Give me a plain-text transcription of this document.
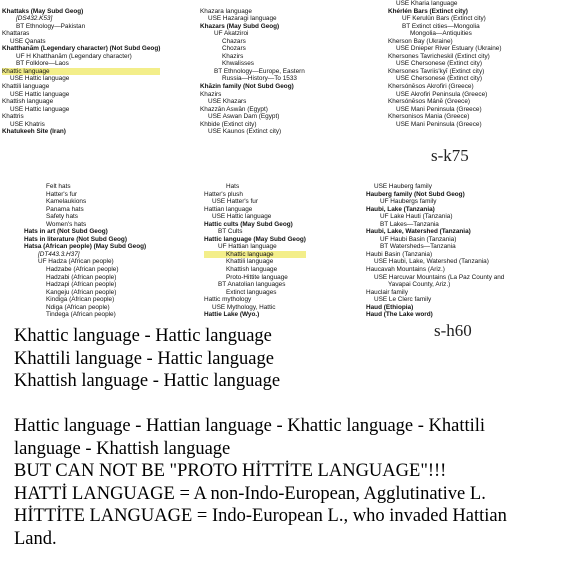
Khattaks (May Subd Geog)
[DS432.K53]
BT Ethnology—Pakistan
Khattaras
USE Qanats
Khatthanām (Legendary character) (Not Subd Geog)
UF H Khatthanām (Legendary character)
BT Folklore—Laos
Khattic language
USE Hattic language
Khattili language
USE Hattic language
Khattish language
USE Hattic language
Khattris
USE Khatris
Khatukeeh Site (Iran)

Khazara language
USE Hazaragi language
Khazars (May Subd Geog)
UF Akatziroi
Chazars
Chozars
Khazirs
Khwalisses
BT Ethnology—Europe, Eastern
Russia—History—To 1533
Khāzin family (Not Subd Geog)
Khazirs
USE Khazars
Khazzān Aswān (Egypt)
USE Aswan Dam (Egypt)
Khbide (Extinct city)
USE Kaunos (Extinct city)
USE Kharia language
Khérlén Bars (Extinct city)
UF Kerulün Bars (Extinct city)
BT Extinct cities—Mongolia
Mongolia—Antiquities
Kherson Bay (Ukraine)
USE Dnieper River Estuary (Ukraine)
Khersones Tavricheskil (Extinct city)
USE Chersonese (Extinct city)
Khersones Tavriis'kyĭ (Extinct city)
USE Chersonese (Extinct city)
Khersónēsos Akrofiri (Greece)
USE Akrofiri Peninsula (Greece)
Khersónēsos Mánē (Greece)
USE Mani Peninsula (Greece)
Khersonisos Mania (Greece)
USE Mani Peninsula (Greece)
s-k75
Felt hats
Hatter's fur
Kamelaukions
Panama hats
Safety hats
Women's hats
Hats in art (Not Subd Geog)
Hats in literature (Not Subd Geog)
Hatsa (African people) (May Subd Geog)
[DT443.3.H37]
UF Hadza (African people)
Hadzabe (African people)
Hadzabi (African people)
Hadzapi (African people)
Kangeju (African people)
Kindiga (African people)
Ndiga (African people)
Tindega (African people)
Hats
Hatter's plush
USE Hatter's fur
Hattian language
USE Hattic language
Hattic cults (May Subd Geog)
BT Cults
Hattic language (May Subd Geog)
UF Hattian language
Khattic language
Khattili language
Khattish language
Proto-Hittite language
BT Anatolian languages
Extinct languages
Hattic mythology
USE Mythology, Hattic
Hattie Lake (Wyo.)
USE Hauberg family
Hauberg family (Not Subd Geog)
UF Haubergs family
Haubi, Lake (Tanzania)
UF Lake Hauti (Tanzania)
BT Lakes—Tanzania
Haubi, Lake, Watershed (Tanzania)
UF Haubi Basin (Tanzania)
BT Watersheds—Tanzania
Haubi Basin (Tanzania)
USE Haubi, Lake, Watershed (Tanzania)
Haucavah Mountains (Ariz.)
USE Harcuvar Mountains (La Paz County and
Yavapai County, Ariz.)
Hauclair family
USE Le Clerc family
Haud (Ethiopia)
Haud (The Lake word)
s-h60
Khattic language - Hattic language
Khattili language - Hattic language
Khattish language - Hattic language

Hattic language - Hattian language - Khattic language - Khattili
language - Khattish language
BUT CAN NOT BE "PROTO HİTTİTE LANGUAGE"!!!
HATTİ LANGUAGE = A non-Indo-European, Agglutinative L.
HİTTİTE LANGUAGE = Indo-European L., who invaded Hattian
Land.
